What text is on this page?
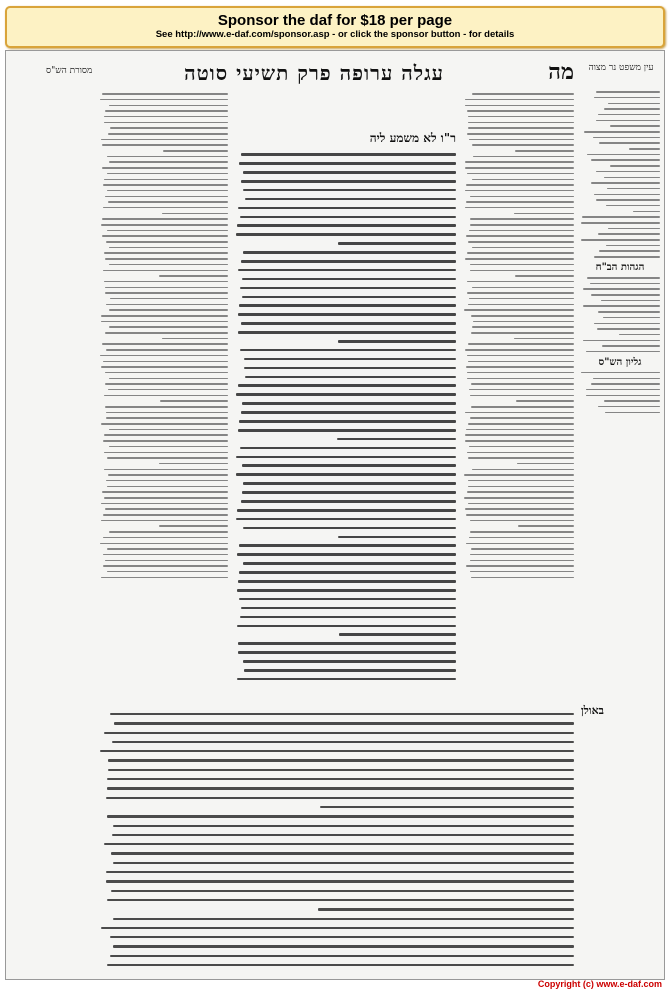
Sponsor the daf for $18 per page
See http://www.e-daf.com/sponsor.asp - or click the sponsor button - for details
מה
עגלה ערופה פרק תשיעי סוטה	עין משפט נר מצוה
מסורת הש"ס
הגהות הב"ח
גליון הש"ס
ר"ו לא משמע ליה
באולן
Copyright (c) www.e-daf.com
